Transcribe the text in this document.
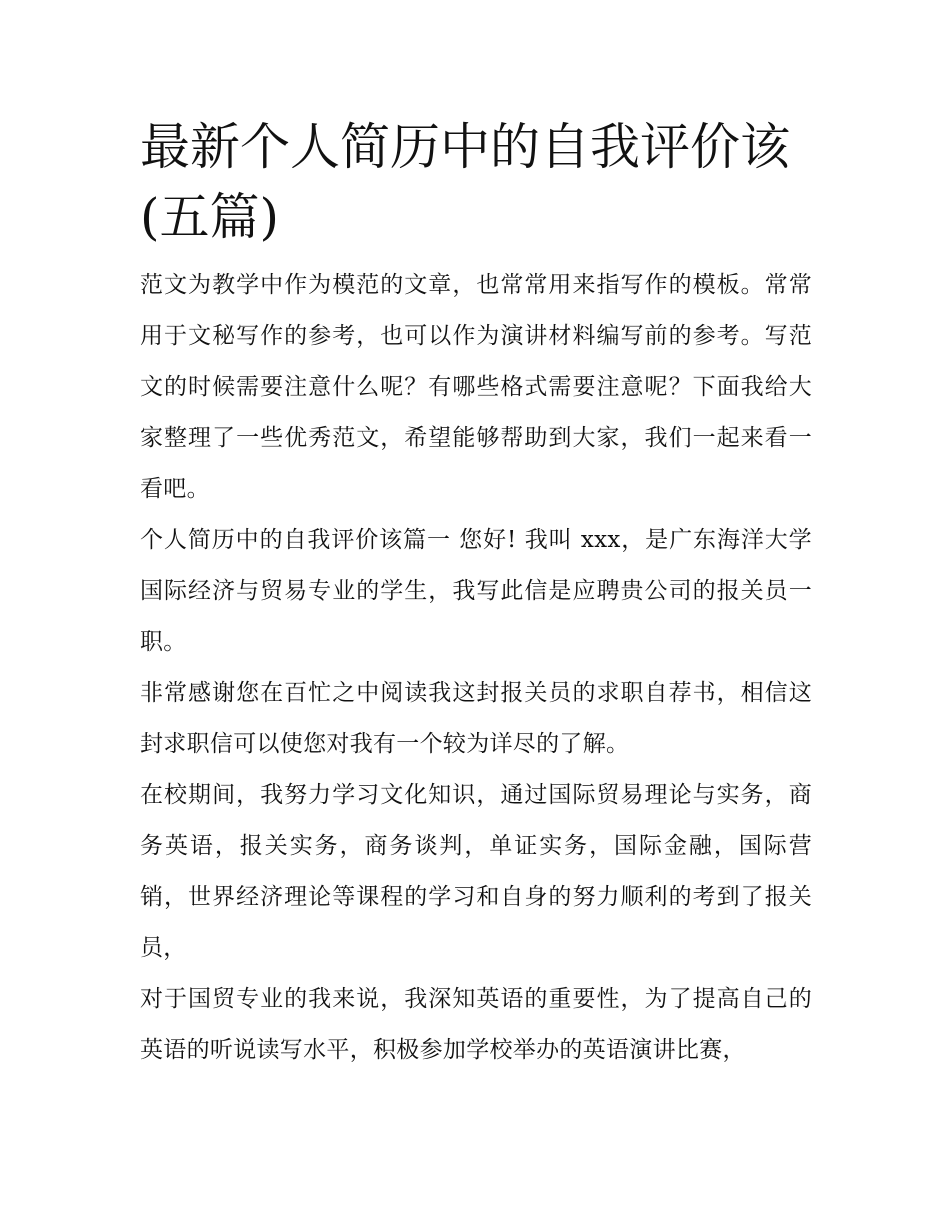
最新个人简历中的自我评价该(五篇)

范文为教学中作为模范的文章，也常常用来指写作的模板。常常用于文秘写作的参考，也可以作为演讲材料编写前的参考。写范文的时候需要注意什么呢？有哪些格式需要注意呢？下面我给大家整理了一些优秀范文，希望能够帮助到大家，我们一起来看一看吧。

个人简历中的自我评价该篇一 您好! 我叫 xxx，是广东海洋大学国际经济与贸易专业的学生，我写此信是应聘贵公司的报关员一职。

非常感谢您在百忙之中阅读我这封报关员的求职自荐书，相信这封求职信可以使您对我有一个较为详尽的了解。

在校期间，我努力学习文化知识，通过国际贸易理论与实务，商务英语，报关实务，商务谈判，单证实务，国际金融，国际营销，世界经济理论等课程的学习和自身的努力顺利的考到了报关员，

对于国贸专业的我来说，我深知英语的重要性，为了提高自己的英语的听说读写水平，积极参加学校举办的英语演讲比赛，
